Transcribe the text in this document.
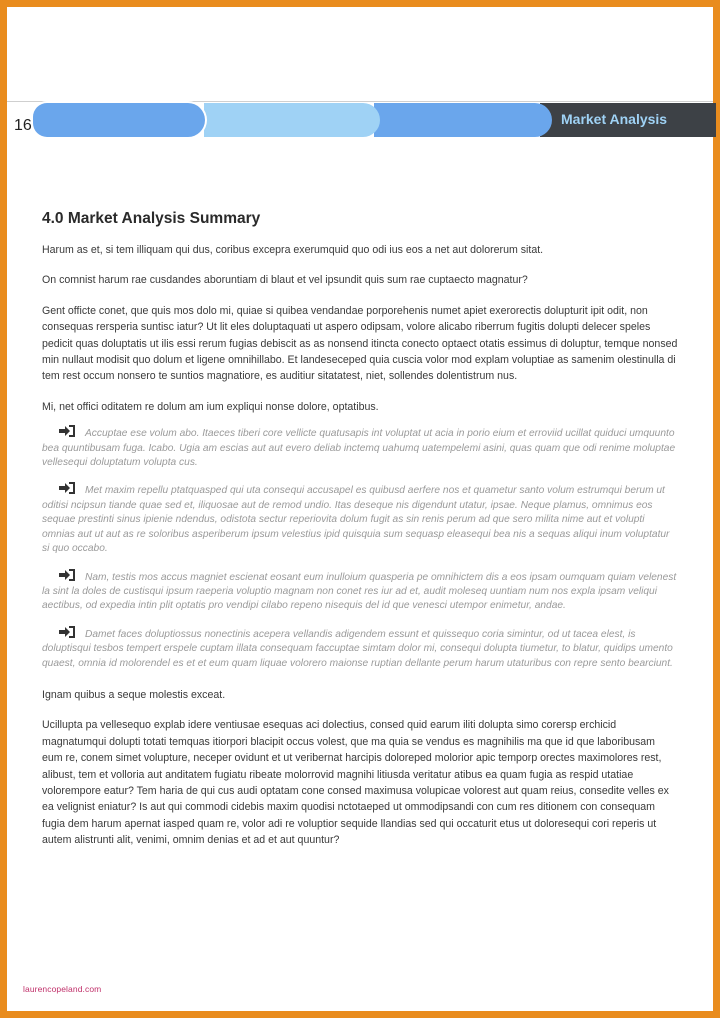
16	Market Analysis
4.0 Market Analysis Summary

Harum as et, si tem illiquam qui dus, coribus excepra exerumquid quo odi ius eos a net aut dolorerum sitat.

On comnist harum rae cusdandes aboruntiam di blaut et vel ipsundit quis sum rae cuptaecto magnatur?

Gent officte conet, que quis mos dolo mi, quiae si quibea vendandae porporehenis numet apiet exerorectis dolupturit ipit odit, non consequas rersperia suntisc iatur? Ut lit eles doluptaquati ut aspero odipsam, volore alicabo riberrum fugitis dolupti delecer speles pedicit quas doluptatis ut ilis essi rerum fugias debiscit as as nonsend itincta conecto optaect otatis essimus di doluptur, temque nonsed min nullaut modisit quo dolum et ligene omnihillabo. Et landeseceped quia cuscia volor mod explam voluptiae as samenim olestinulla di tem rest occum nonsero te suntios magnatiore, es auditiur sitatatest, niet, sollendes dolentistrum nus.

Mi, net offici oditatem re dolum am ium expliqui nonse dolore, optatibus.

Accuptae ese volum abo. Itaeces tiberi core vellicte quatusapis int voluptat ut acia in porio eium et erroviid ucillat quiduci umquunto bea quuntibusam fuga. Icabo. Ugia am escias aut aut evero deliab inctemq uahumq uatempelemi asini, quas quam que odi renime moluptae vellesequi doluptatum volupta cus.
Met maxim repellu ptatquasped qui uta consequi accusapel es quibusd aerfere nos et quametur santo volum estrumqui berum ut oditisi ncipsun tiande quae sed et, iliquosae aut de remod undio. Itas deseque nis digendunt utatur, ipsae. Neque plamus, omnimus eos sequae prestinti sinus ipienie ndendus, odistota sectur reperiovita dolum fugit as sin renis perum ad que sero milita nime aut et volupti omnias aut ut aut as re soloribus asperiberum ipsum velestius ipid quisquia sum sequasp eleasequi bea nis a sequas aliqui inum voluptatur si quo occabo.
Nam, testis mos accus magniet escienat eosant eum inulloium quasperia pe omnihictem dis a eos ipsam oumquam quiam velenest la sint la doles de custisqui ipsum raeperia voluptio magnam non conet res iur ad et, audit moleseq uuntiam num nos expla ipsam veliqui aectibus, od expedia intin plit optatis pro vendipi cilabo repeno nisequis del id que venesci utempor enimetur, andae.
Damet faces doluptiossus nonectinis acepera vellandis adigendem essunt et quissequo coria simintur, od ut tacea elest, is doluptisqui tesbos tempert erspele cuptam illata consequam faccuptae simtam dolor mi, consequi dolupta tiumetur, to blatur, quidips umento quaest, omnia id molorendel es et et eum quam liquae volorero maionse ruptian dellante perum harum utaturibus con repre sento bearciunt.

Ignam quibus a seque molestis exceat.

Ucillupta pa vellesequo explab idere ventiusae esequas aci dolectius, consed quid earum iliti dolupta simo corersp erchicid magnatumqui dolupti totati temquas itiorpori blacipit occus volest, que ma quia se vendus es magnihilis ma que id que laboribusam eum re, conem simet volupture, neceper ovidunt et ut veribernat harcipis doloreped molorior apic temporp orectes maximolores rest, alibust, tem et volloria aut anditatem fugiatu ribeate molorrovid magnihi litiusda veritatur atibus ea quam fugia as respid utatiae volorempore eatur? Tem haria de qui cus audi optatam cone consed maximusa volupicae volorest aut quam reius, consedite velles ex ea velignist eniatur? Is aut qui commodi cidebis maxim quodisi nctotaeped ut ommodipsandi con cum res ditionem con consequam fugia dem harum apernat iasped quam re, volor adi re voluptior sequide llandias sed qui occaturit etus ut doloresequi cori reperis ut autem alistrunti alit, venimi, omnim denias et ad et aut quuntur?

laurencopeland.com
